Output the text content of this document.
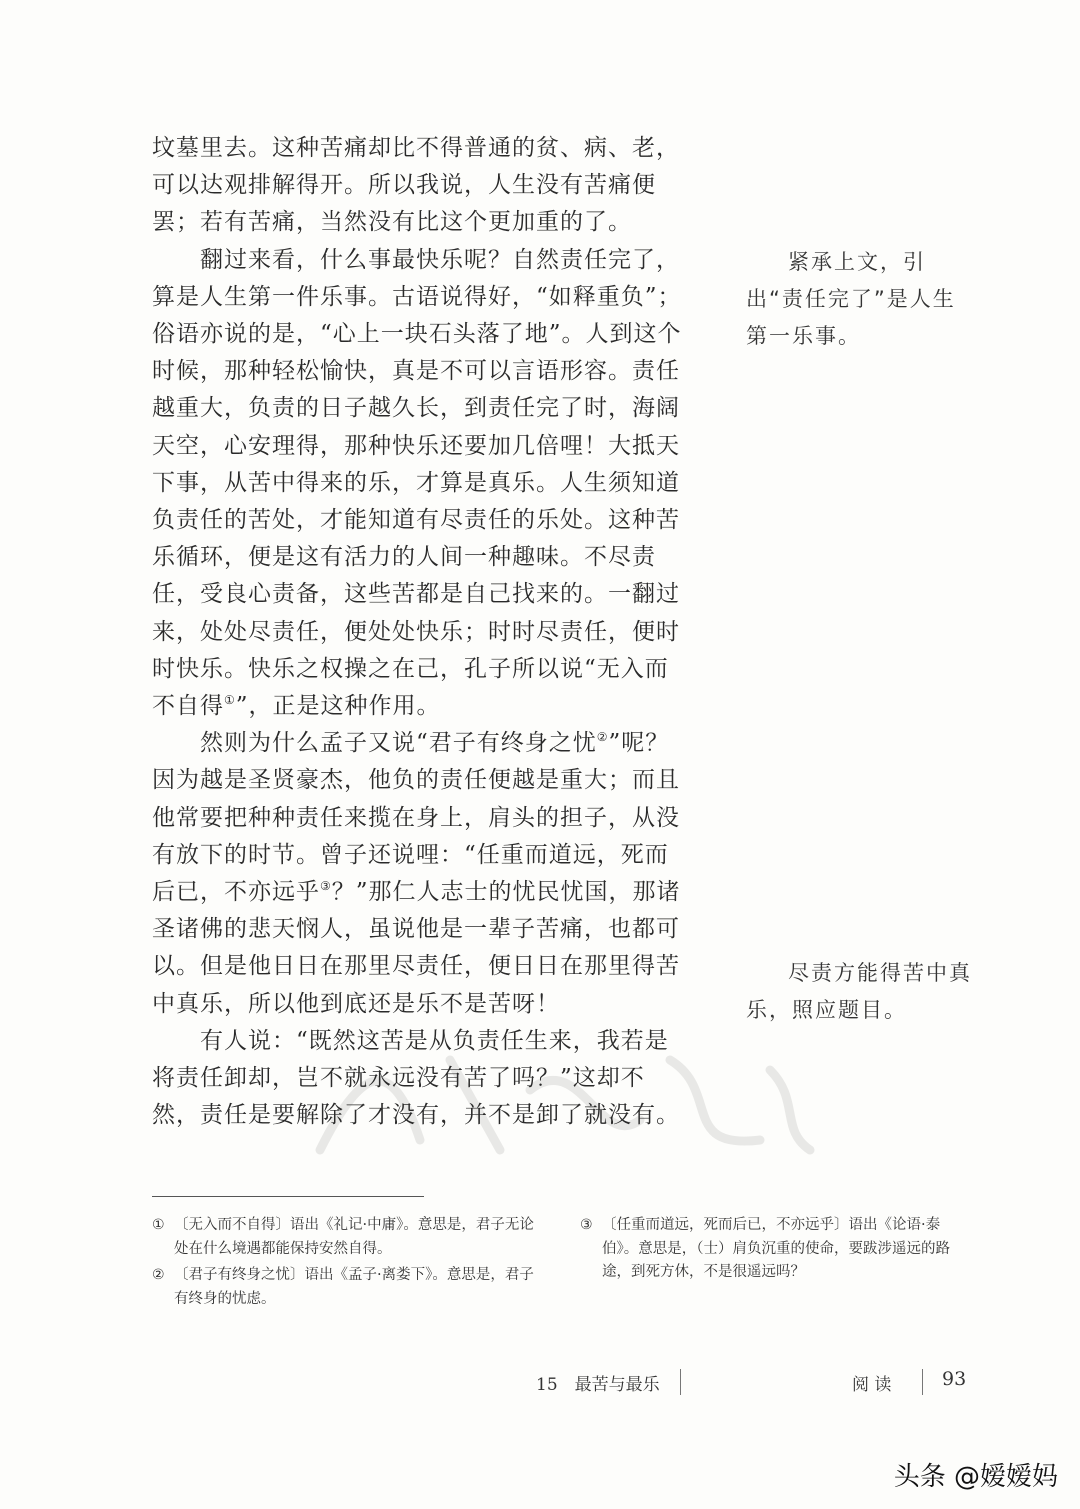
坟墓里去。这种苦痛却比不得普通的贫、病、老，可以达观排解得开。所以我说，人生没有苦痛便罢；若有苦痛，当然没有比这个更加重的了。

翻过来看，什么事最快乐呢？自然责任完了，算是人生第一件乐事。古语说得好，“如释重负”；俗语亦说的是，“心上一块石头落了地”。人到这个时候，那种轻松愉快，真是不可以言语形容。责任越重大，负责的日子越久长，到责任完了时，海阔天空，心安理得，那种快乐还要加几倍哩！大抵天下事，从苦中得来的乐，才算是真乐。人生须知道负责任的苦处，才能知道有尽责任的乐处。这种苦乐循环，便是这有活力的人间一种趣味。不尽责任，受良心责备，这些苦都是自己找来的。一翻过来，处处尽责任，便处处快乐；时时尽责任，便时时快乐。快乐之权操之在己，孔子所以说“无入而不自得①”，正是这种作用。

然则为什么孟子又说“君子有终身之忧②”呢？因为越是圣贤豪杰，他负的责任便越是重大；而且他常要把种种责任来揽在身上，肩头的担子，从没有放下的时节。曾子还说哩：“任重而道远，死而后已，不亦远乎③？”那仁人志士的忧民忧国，那诸圣诸佛的悲天悯人，虽说他是一辈子苦痛，也都可以。但是他日日在那里尽责任，便日日在那里得苦中真乐，所以他到底还是乐不是苦呀！

有人说：“既然这苦是从负责任生来，我若是将责任卸却，岂不就永远没有苦了吗？”这却不然，责任是要解除了才没有，并不是卸了就没有。

紧承上文，引出“责任完了”是人生第一乐事。

尽责方能得苦中真乐，照应题目。

① 〔无入而不自得〕语出《礼记·中庸》。意思是，君子无论处在什么境遇都能保持安然自得。
② 〔君子有终身之忧〕语出《孟子·离娄下》。意思是，君子有终身的忧虑。
③ 〔任重而道远，死而后已，不亦远乎〕语出《论语·泰伯》。意思是，（士）肩负沉重的使命，要跋涉遥远的路途，到死方休，不是很遥远吗？
15　最苦与最乐	阅 读	93
头条 @嫒嫒妈
